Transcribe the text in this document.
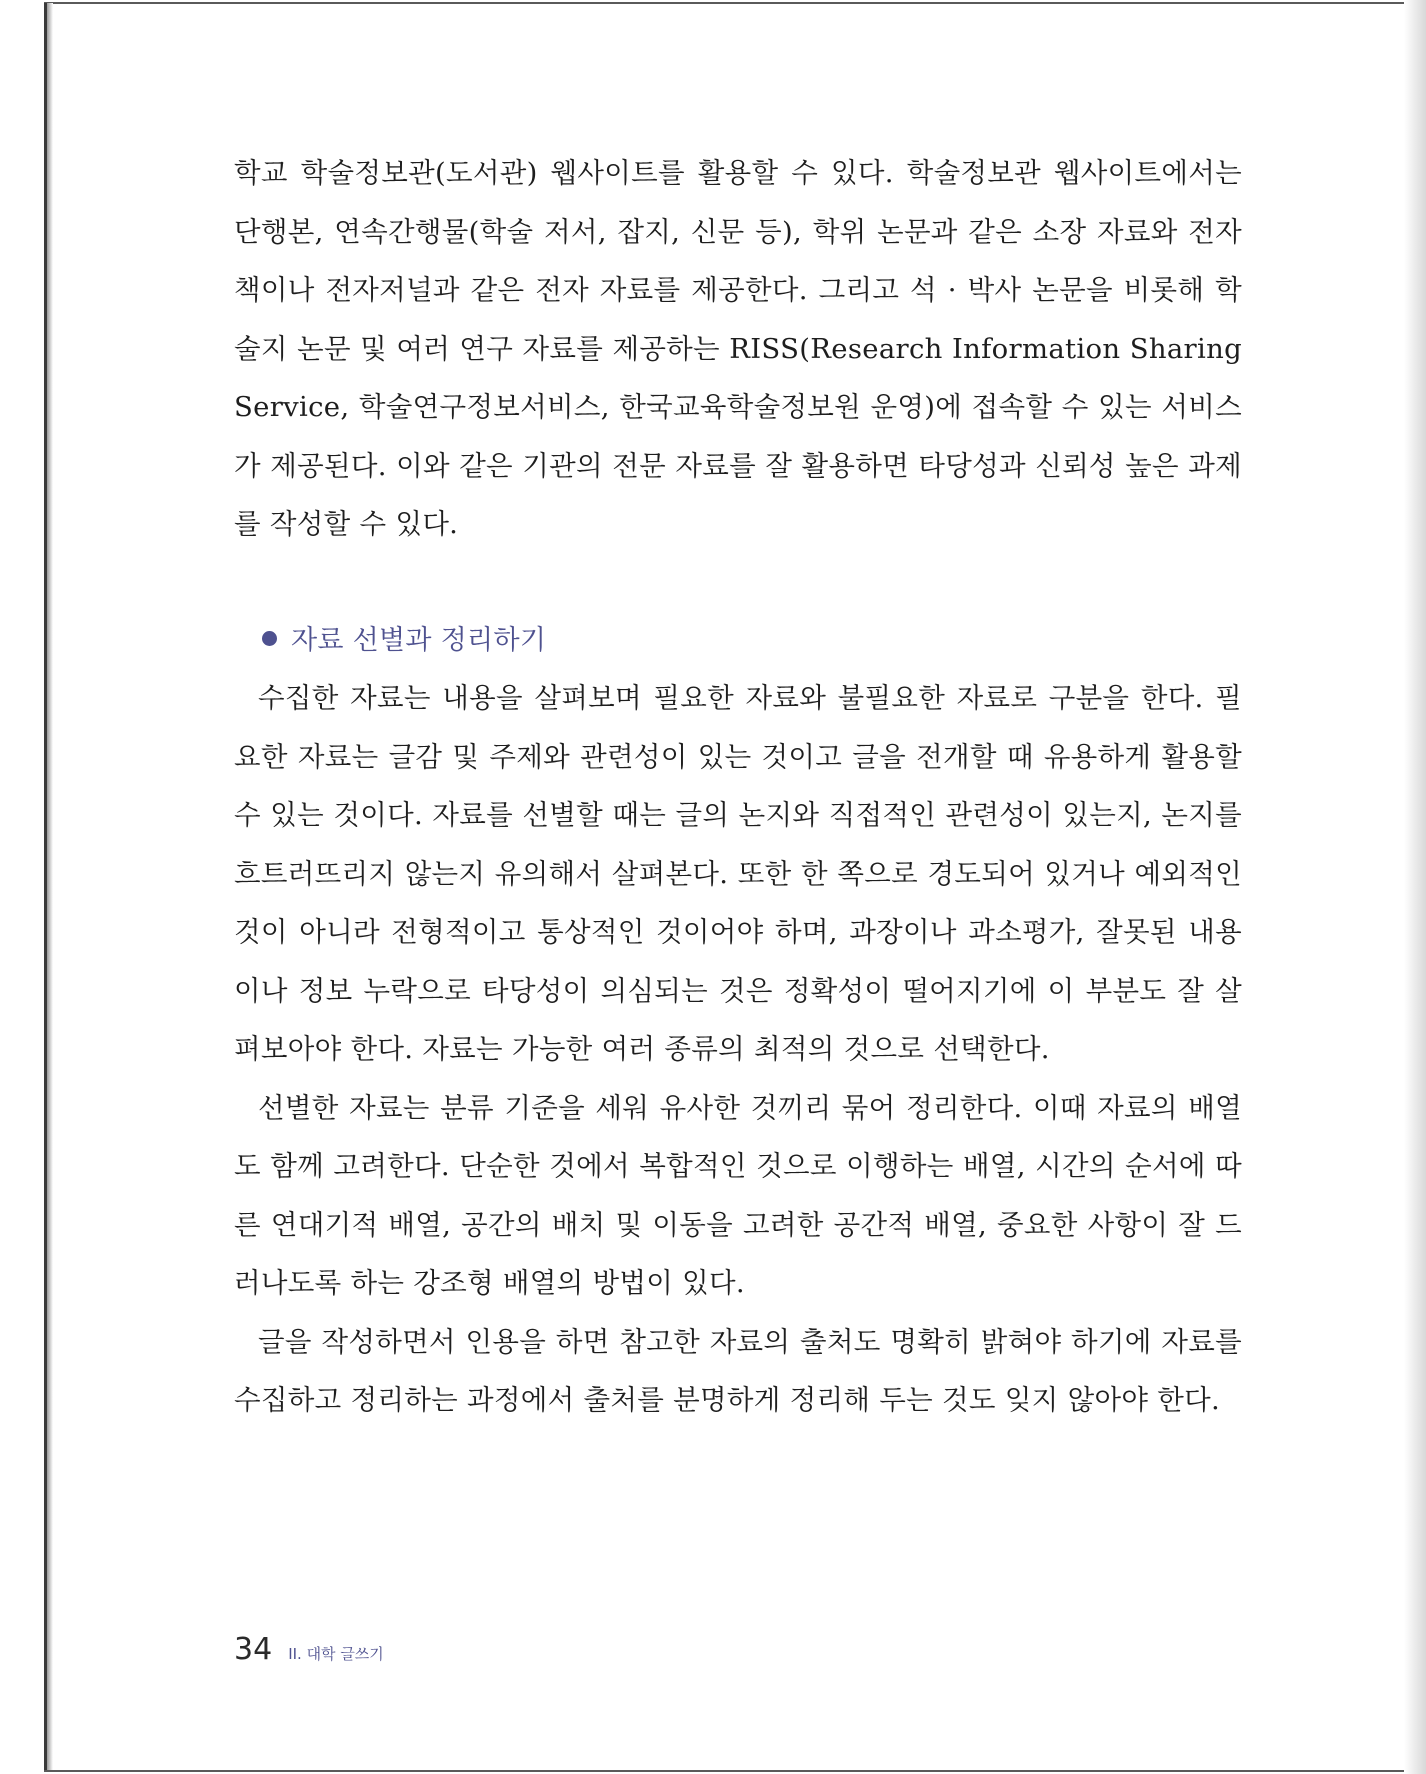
학교 학술정보관(도서관) 웹사이트를 활용할 수 있다. 학술정보관 웹사이트에서는 단행본, 연속간행물(학술 저서, 잡지, 신문 등), 학위 논문과 같은 소장 자료와 전자책이나 전자저널과 같은 전자 자료를 제공한다. 그리고 석 · 박사 논문을 비롯해 학술지 논문 및 여러 연구 자료를 제공하는 RISS(Research Information Sharing Service, 학술연구정보서비스, 한국교육학술정보원 운영)에 접속할 수 있는 서비스가 제공된다. 이와 같은 기관의 전문 자료를 잘 활용하면 타당성과 신뢰성 높은 과제를 작성할 수 있다.

자료 선별과 정리하기

수집한 자료는 내용을 살펴보며 필요한 자료와 불필요한 자료로 구분을 한다. 필요한 자료는 글감 및 주제와 관련성이 있는 것이고 글을 전개할 때 유용하게 활용할 수 있는 것이다. 자료를 선별할 때는 글의 논지와 직접적인 관련성이 있는지, 논지를 흐트러뜨리지 않는지 유의해서 살펴본다. 또한 한 쪽으로 경도되어 있거나 예외적인 것이 아니라 전형적이고 통상적인 것이어야 하며, 과장이나 과소평가, 잘못된 내용이나 정보 누락으로 타당성이 의심되는 것은 정확성이 떨어지기에 이 부분도 잘 살펴보아야 한다. 자료는 가능한 여러 종류의 최적의 것으로 선택한다.

선별한 자료는 분류 기준을 세워 유사한 것끼리 묶어 정리한다. 이때 자료의 배열도 함께 고려한다. 단순한 것에서 복합적인 것으로 이행하는 배열, 시간의 순서에 따른 연대기적 배열, 공간의 배치 및 이동을 고려한 공간적 배열, 중요한 사항이 잘 드러나도록 하는 강조형 배열의 방법이 있다.

글을 작성하면서 인용을 하면 참고한 자료의 출처도 명확히 밝혀야 하기에 자료를 수집하고 정리하는 과정에서 출처를 분명하게 정리해 두는 것도 잊지 않아야 한다.

34 II. 대학 글쓰기
